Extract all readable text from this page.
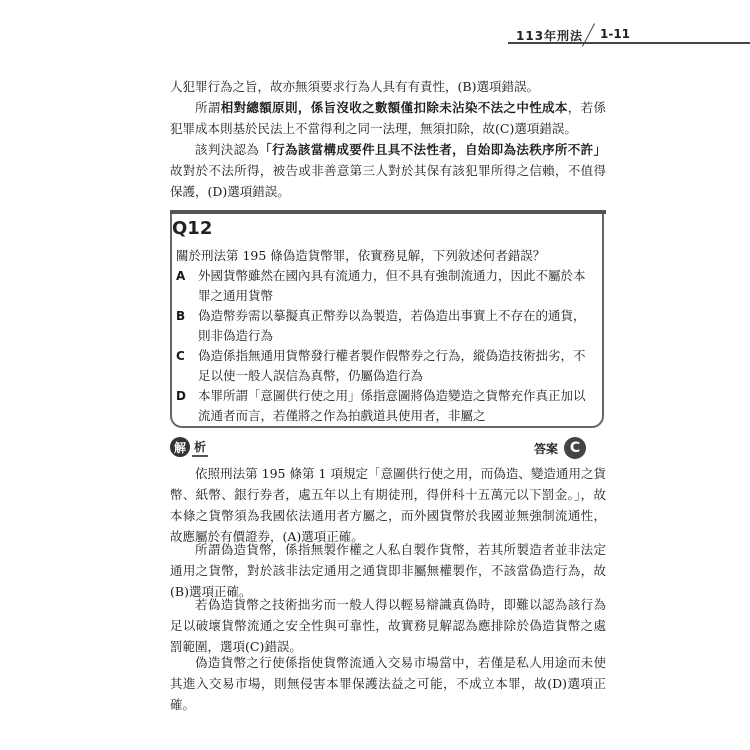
113年刑法 1-11

人犯罪行為之旨，故亦無須要求行為人具有有責性，(B)選項錯誤。

所謂相對總額原則，係旨沒收之數額僅扣除未沾染不法之中性成本，若係犯罪成本則基於民法上不當得利之同一法理，無須扣除，故(C)選項錯誤。

該判決認為「行為該當構成要件且具不法性者，自始即為法秩序所不許」故對於不法所得，被告或非善意第三人對於其保有該犯罪所得之信賴，不值得保護，(D)選項錯誤。

Q12
關於刑法第 195 條偽造貨幣罪，依實務見解，下列敘述何者錯誤？
A 外國貨幣雖然在國內具有流通力，但不具有強制流通力，因此不屬於本罪之通用貨幣
B 偽造幣券需以摹擬真正幣券以為製造，若偽造出事實上不存在的通貨，則非偽造行為
C 偽造係指無通用貨幣發行權者製作假幣券之行為，縱偽造技術拙劣，不足以使一般人誤信為真幣，仍屬偽造行為
D 本罪所謂「意圖供行使之用」係指意圖將偽造變造之貨幣充作真正加以流通者而言，若僅將之作為拍戲道具使用者，非屬之
解 析	答案 C

依照刑法第 195 條第 1 項規定「意圖供行使之用，而偽造、變造通用之貨幣、紙幣、銀行券者，處五年以上有期徒刑，得併科十五萬元以下罰金。」，故本條之貨幣須為我國依法通用者方屬之，而外國貨幣於我國並無強制流通性，故應屬於有價證券，(A)選項正確。

所謂偽造貨幣，係指無製作權之人私自製作貨幣，若其所製造者並非法定通用之貨幣，對於該非法定通用之通貨即非屬無權製作，不該當偽造行為，故(B)選項正確。

若偽造貨幣之技術拙劣而一般人得以輕易辯識真偽時，即難以認為該行為足以破壞貨幣流通之安全性與可靠性，故實務見解認為應排除於偽造貨幣之處罰範圍，選項(C)錯誤。

偽造貨幣之行使係指使貨幣流通入交易市場當中，若僅是私人用途而未使其進入交易市場，則無侵害本罪保護法益之可能，不成立本罪，故(D)選項正確。
